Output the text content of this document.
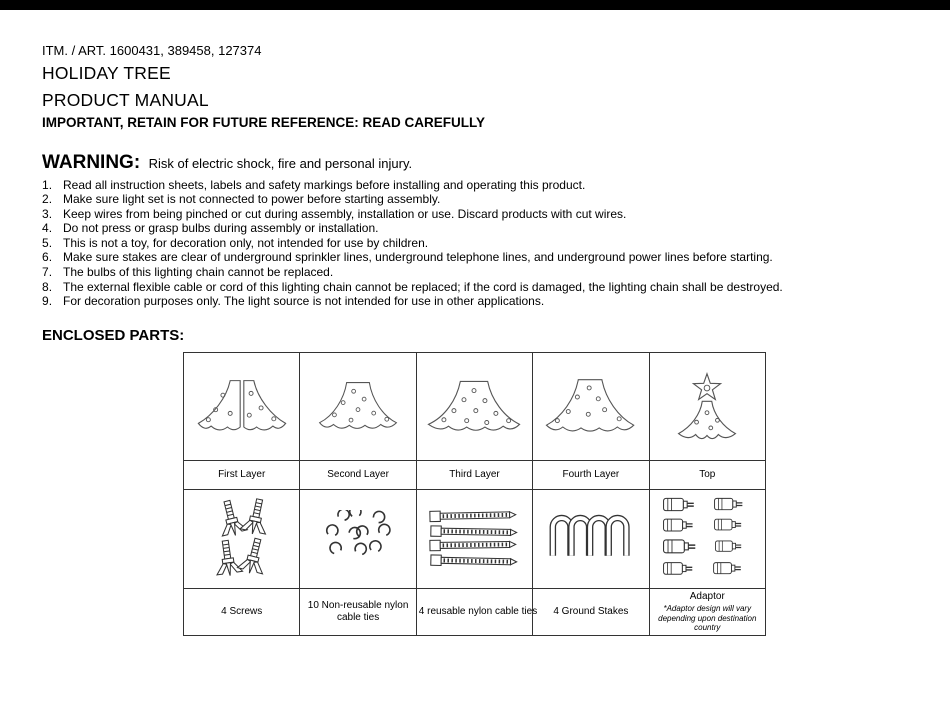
ITM. / ART. 1600431, 389458, 127374
HOLIDAY TREE
PRODUCT MANUAL
IMPORTANT, RETAIN FOR FUTURE REFERENCE: READ CAREFULLY
WARNING: Risk of electric shock, fire and personal injury.
Read all instruction sheets, labels and safety markings before installing and operating this product.
Make sure light set is not connected to power before starting assembly.
Keep wires from being pinched or cut during assembly, installation or use. Discard products with cut wires.
Do not press or grasp bulbs during assembly or installation.
This is not a toy, for decoration only, not intended for use by children.
Make sure stakes are clear of underground sprinkler lines, underground telephone lines, and underground power lines before starting.
The bulbs of this lighting chain cannot be replaced.
The external flexible cable or cord of this lighting chain cannot be replaced; if the cord is damaged, the lighting chain shall be destroyed.
For decoration purposes only. The light source is not intended for use in other applications.
ENCLOSED PARTS:

First Layer	Second Layer	Third Layer	Fourth Layer	Top

4 Screws	10 Non-reusable nylon cable ties	4 reusable nylon cable ties	4 Ground Stakes	Adaptor
*Adaptor design will vary depending upon destination country
